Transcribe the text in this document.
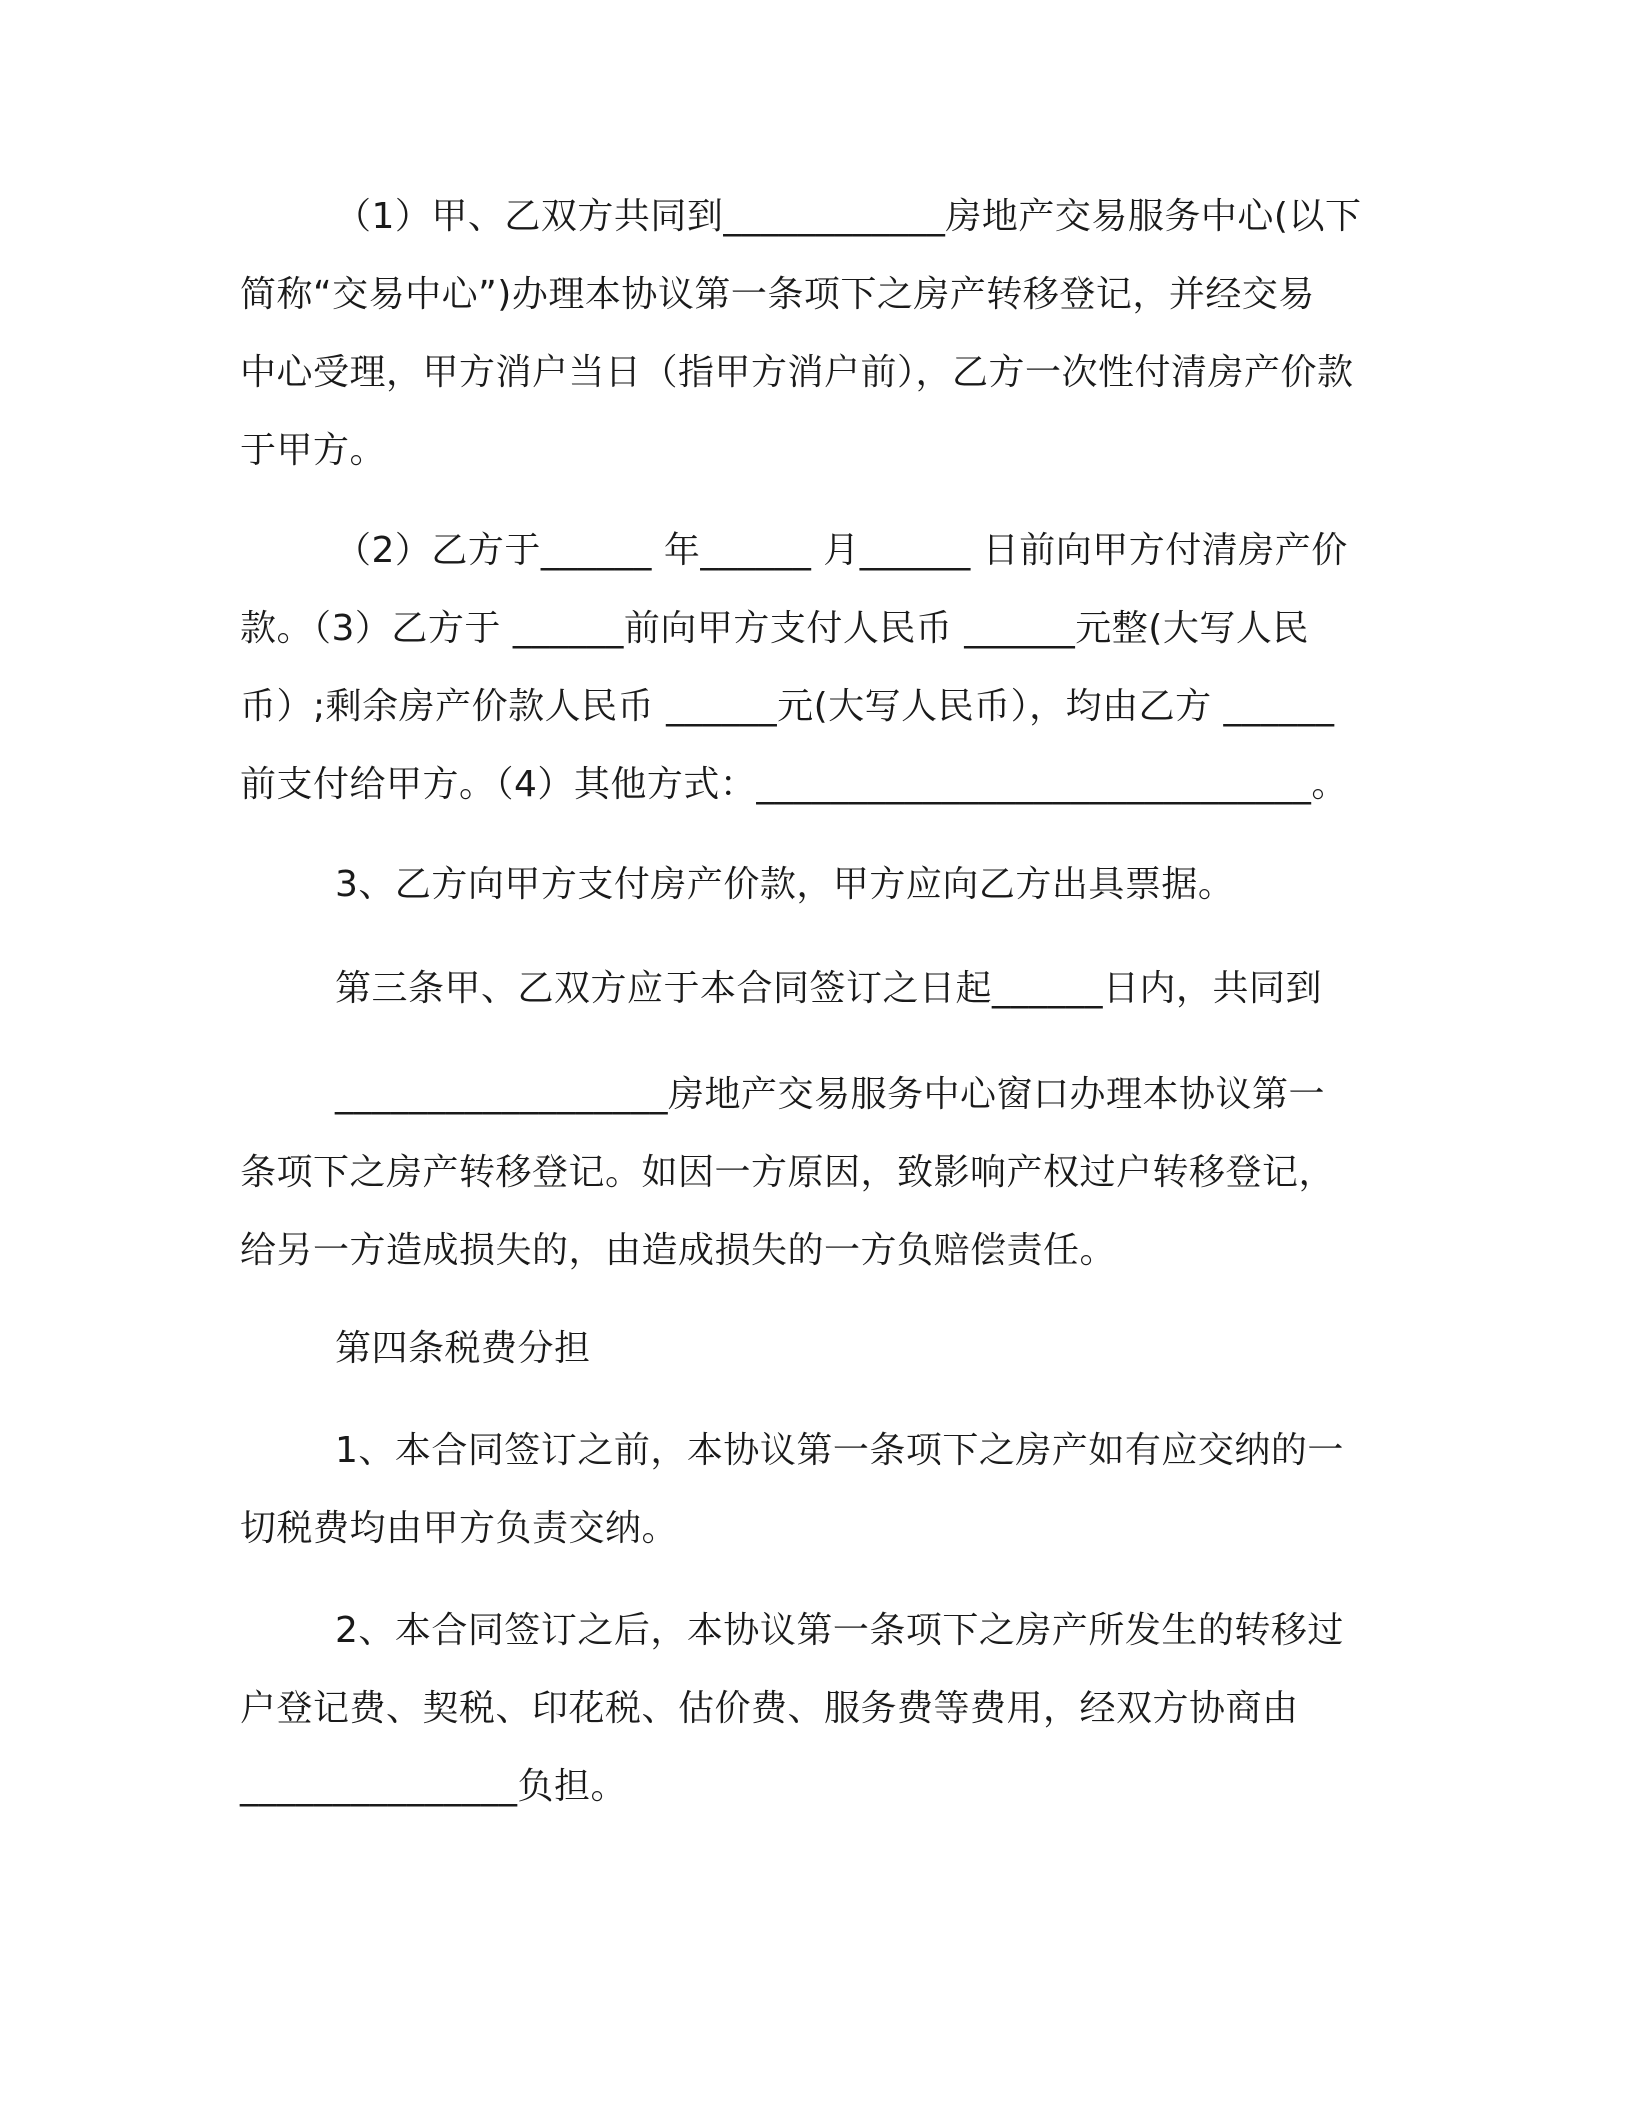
（1）甲、乙双方共同到____________房地产交易服务中心(以下
简称“交易中心”)办理本协议第一条项下之房产转移登记，并经交易
中心受理，甲方消户当日（指甲方消户前），乙方一次性付清房产价款
于甲方。
（2）乙方于______ 年______ 月______ 日前向甲方付清房产价
款。（3）乙方于 ______前向甲方支付人民币 ______元整(大写人民
币）;剩余房产价款人民币 ______元(大写人民币），均由乙方 ______
前支付给甲方。（4）其他方式：______________________________。
3、乙方向甲方支付房产价款，甲方应向乙方出具票据。
第三条甲、乙双方应于本合同签订之日起______日内，共同到
__________________房地产交易服务中心窗口办理本协议第一
条项下之房产转移登记。如因一方原因，致影响产权过户转移登记，
给另一方造成损失的，由造成损失的一方负赔偿责任。
第四条税费分担
1、本合同签订之前，本协议第一条项下之房产如有应交纳的一
切税费均由甲方负责交纳。
2、本合同签订之后，本协议第一条项下之房产所发生的转移过
户登记费、契税、印花税、估价费、服务费等费用，经双方协商由
_______________负担。
